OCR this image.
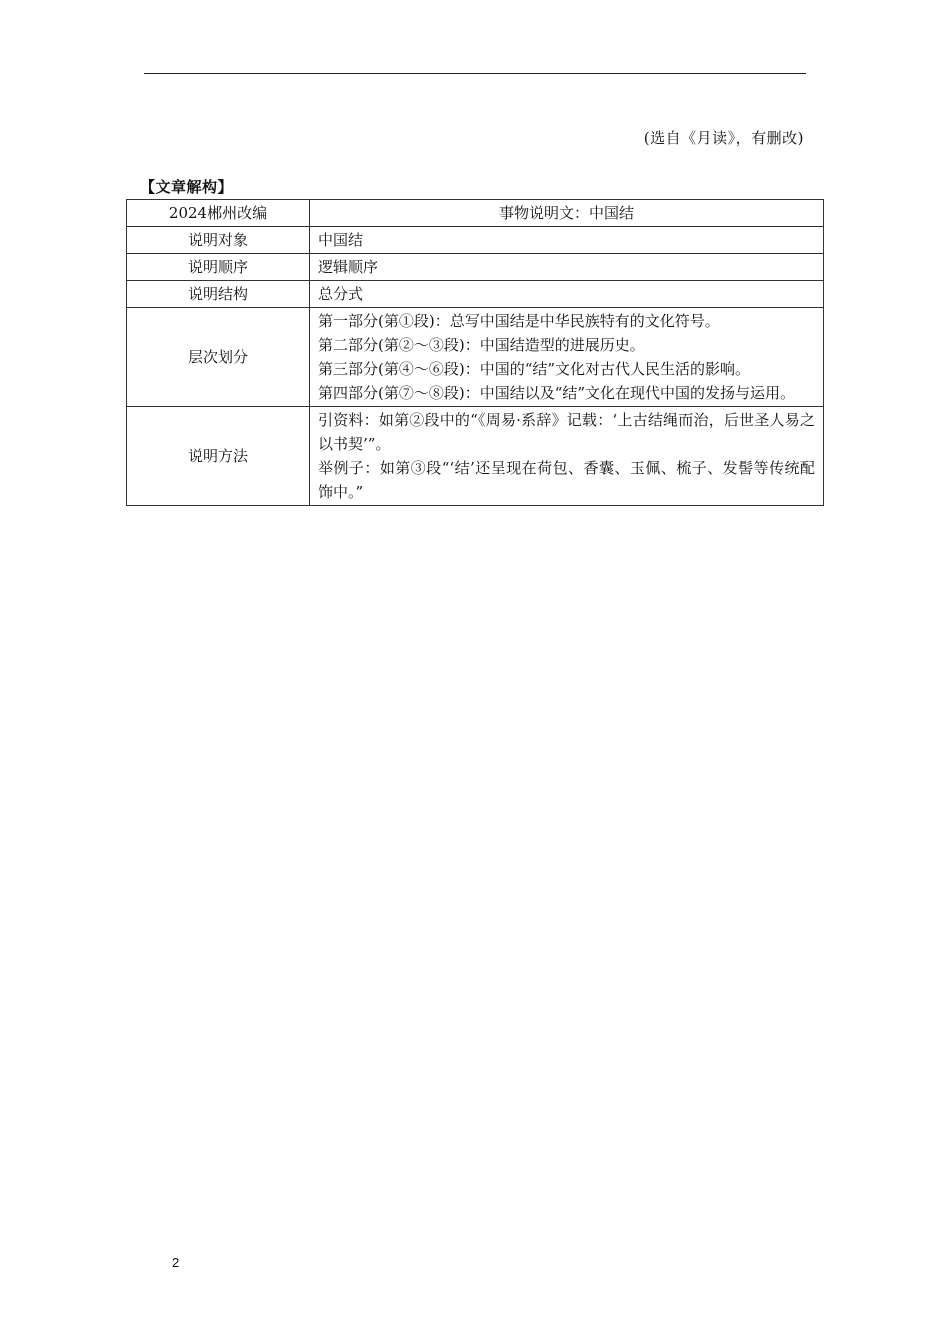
(选自《月读》，有删改)
【文章解构】
2024郴州改编	事物说明文：中国结
说明对象	中国结
说明顺序	逻辑顺序
说明结构	总分式
层次划分	第一部分(第①段)：总写中国结是中华民族特有的文化符号。
第二部分(第②～③段)：中国结造型的进展历史。
第三部分(第④～⑥段)：中国的“结”文化对古代人民生活的影响。
第四部分(第⑦～⑧段)：中国结以及“结”文化在现代中国的发扬与运用。

说明方法	引资料：如第②段中的“《周易·系辞》记载：‘上古结绳而治，后世圣人易之以书契’”。
举例子：如第③段“‘结’还呈现在荷包、香囊、玉佩、梳子、发髻等传统配饰中。”
2
